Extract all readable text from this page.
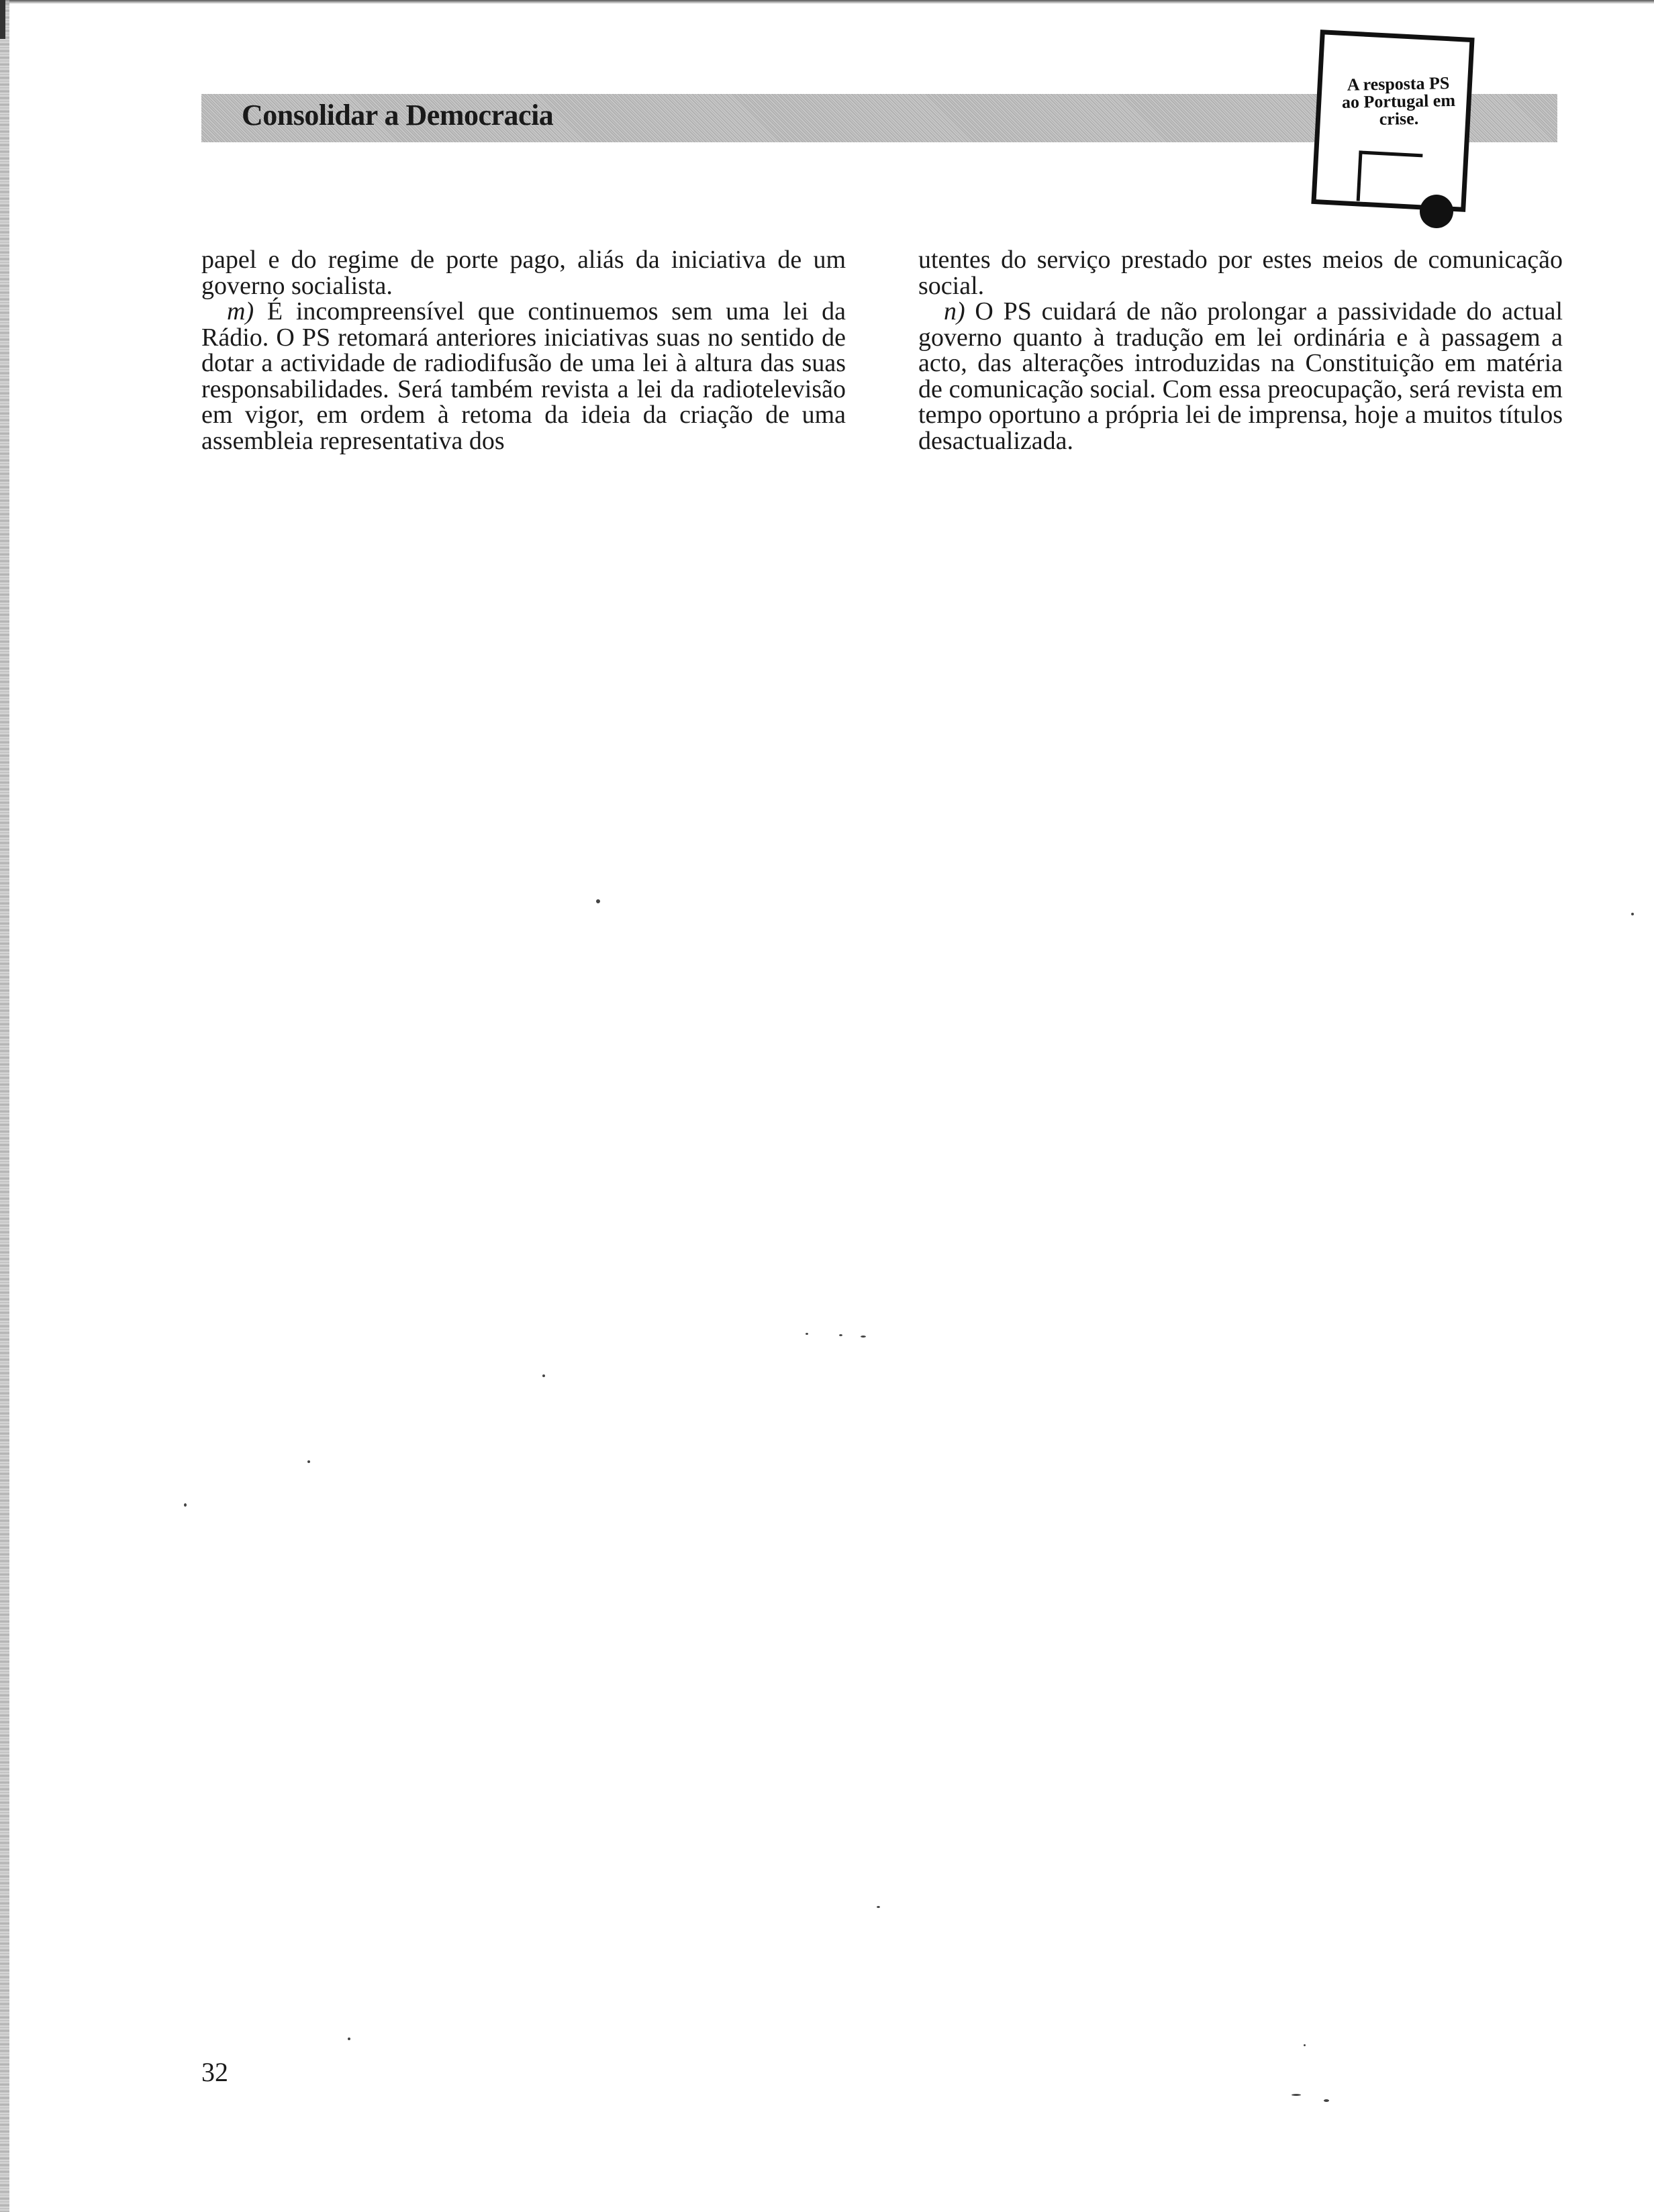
Consolidar a Democracia
A resposta PS ao Portugal em crise.

papel e do regime de porte pago, aliás da iniciativa de um governo socialista.

m) É incompreensível que continuemos sem uma lei da Rádio. O PS retomará anteriores iniciativas suas no sentido de dotar a actividade de radiodifusão de uma lei à altura das suas responsabilidades. Será também revista a lei da radiotelevisão em vigor, em ordem à retoma da ideia da criação de uma assembleia representativa dos

utentes do serviço prestado por estes meios de comunicação social.

n) O PS cuidará de não prolongar a passividade do actual governo quanto à tradução em lei ordinária e à passagem a acto, das alterações introduzidas na Constituição em matéria de comunicação social. Com essa preocupação, será revista em tempo oportuno a própria lei de imprensa, hoje a muitos títulos desactualizada.

32
